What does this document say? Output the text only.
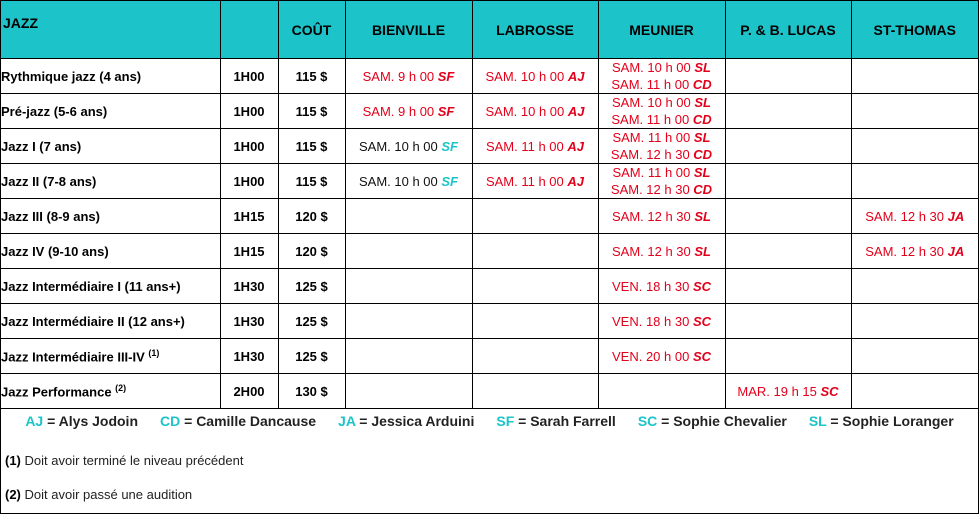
JAZZ		COÛT	BIENVILLE	LABROSSE	MEUNIER	P. & B. LUCAS	ST-THOMAS
Rythmique jazz (4 ans)	1H00	115 $	SAM. 9 h 00 SF	SAM. 10 h 00 AJ	SAM. 10 h 00 SL
SAM. 11 h 00 CD		

Pré-jazz (5-6 ans)	1H00	115 $	SAM. 9 h 00 SF	SAM. 10 h 00 AJ	SAM. 10 h 00 SL
SAM. 11 h 00 CD		

Jazz I (7 ans)	1H00	115 $	SAM. 10 h 00 SF	SAM. 11 h 00 AJ	SAM. 11 h 00 SL
SAM. 12 h 30 CD		

Jazz II (7-8 ans)	1H00	115 $	SAM. 10 h 00 SF	SAM. 11 h 00 AJ	SAM. 11 h 00 SL
SAM. 12 h 30 CD		

Jazz III (8-9 ans)	1H15	120 $			SAM. 12 h 30 SL		SAM. 12 h 30 JA

Jazz IV (9-10 ans)	1H15	120 $			SAM. 12 h 30 SL		SAM. 12 h 30 JA

Jazz Intermédiaire I (11 ans+)	1H30	125 $			VEN. 18 h 30 SC		

Jazz Intermédiaire II (12 ans+)	1H30	125 $			VEN. 18 h 30 SC		

Jazz Intermédiaire III-IV $^{(1)}$	1H30	125 $			VEN. 20 h 00 SC		

Jazz Performance $^{(2)}$	2H00	130 $				MAR. 19 h 15 SC	

AJ = Alys Jodoin CD = Camille Dancause JA = Jessica Arduini SF = Sarah Farrell SC = Sophie Chevalier SL = Sophie Loranger
(1) Doit avoir terminé le niveau précédent
(2) Doit avoir passé une audition
